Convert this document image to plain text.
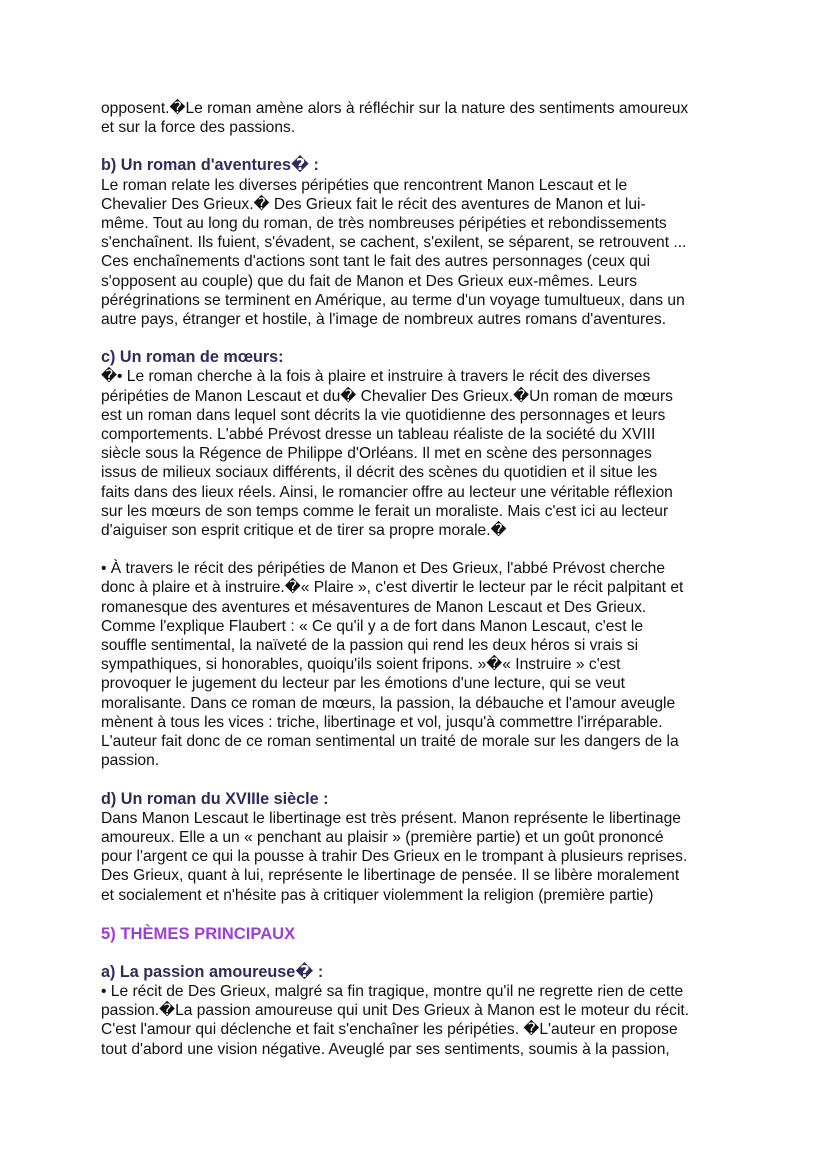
opposent.�Le roman amène alors à réfléchir sur la nature des sentiments amoureux
et sur la force des passions.

b) Un roman d'aventures� :

Le roman relate les diverses péripéties que rencontrent Manon Lescaut et le
Chevalier Des Grieux.� Des Grieux fait le récit des aventures de Manon et lui-
même. Tout au long du roman, de très nombreuses péripéties et rebondissements
s'enchaînent. Ils fuient, s'évadent, se cachent, s'exilent, se séparent, se retrouvent ...
Ces enchaînements d'actions sont tant le fait des autres personnages (ceux qui
s'opposent au couple) que du fait de Manon et Des Grieux eux-mêmes. Leurs
pérégrinations se terminent en Amérique, au terme d'un voyage tumultueux, dans un
autre pays, étranger et hostile, à l'image de nombreux autres romans d'aventures.

c) Un roman de mœurs:

�• Le roman cherche à la fois à plaire et instruire à travers le récit des diverses
péripéties de Manon Lescaut et du� Chevalier Des Grieux.�Un roman de mœurs
est un roman dans lequel sont décrits la vie quotidienne des personnages et leurs
comportements. L'abbé Prévost dresse un tableau réaliste de la société du XVIII
siècle sous la Régence de Philippe d'Orléans. Il met en scène des personnages
issus de milieux sociaux différents, il décrit des scènes du quotidien et il situe les
faits dans des lieux réels. Ainsi, le romancier offre au lecteur une véritable réflexion
sur les mœurs de son temps comme le ferait un moraliste. Mais c'est ici au lecteur
d'aiguiser son esprit critique et de tirer sa propre morale.�

• À travers le récit des péripéties de Manon et Des Grieux, l'abbé Prévost cherche
donc à plaire et à instruire.�« Plaire », c'est divertir le lecteur par le récit palpitant et
romanesque des aventures et mésaventures de Manon Lescaut et Des Grieux.
Comme l'explique Flaubert : « Ce qu'il y a de fort dans Manon Lescaut, c'est le
souffle sentimental, la naïveté de la passion qui rend les deux héros si vrais si
sympathiques, si honorables, quoiqu'ils soient fripons. »�« Instruire » c'est
provoquer le jugement du lecteur par les émotions d'une lecture, qui se veut
moralisante. Dans ce roman de mœurs, la passion, la débauche et l'amour aveugle
mènent à tous les vices : triche, libertinage et vol, jusqu'à commettre l'irréparable.
L'auteur fait donc de ce roman sentimental un traité de morale sur les dangers de la
passion.

d) Un roman du XVIIIe siècle :

Dans Manon Lescaut le libertinage est très présent. Manon représente le libertinage
amoureux. Elle a un « penchant au plaisir » (première partie) et un goût prononcé
pour l'argent ce qui la pousse à trahir Des Grieux en le trompant à plusieurs reprises.
Des Grieux, quant à lui, représente le libertinage de pensée. Il se libère moralement
et socialement et n'hésite pas à critiquer violemment la religion (première partie)

5) THÈMES PRINCIPAUX
a) La passion amoureuse� :

• Le récit de Des Grieux, malgré sa fin tragique, montre qu'il ne regrette rien de cette
passion.�La passion amoureuse qui unit Des Grieux à Manon est le moteur du récit.
C'est l'amour qui déclenche et fait s'enchaîner les péripéties. �L'auteur en propose
tout d'abord une vision négative. Aveuglé par ses sentiments, soumis à la passion,
